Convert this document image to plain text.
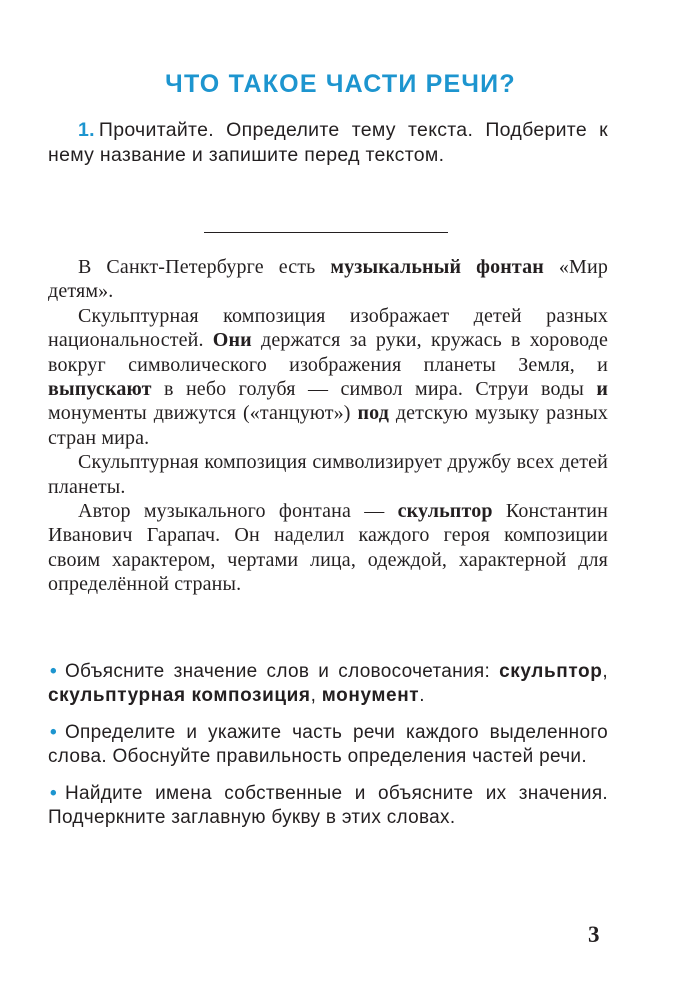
ЧТО ТАКОЕ ЧАСТИ РЕЧИ?
1. Прочитайте. Определите тему текста. Подберите к нему название и запишите перед текстом.

В Санкт-Петербурге есть музыкальный фонтан «Мир детям».

Скульптурная композиция изображает детей разных национальностей. Они держатся за руки, кружась в хороводе вокруг символического изображения планеты Земля, и выпускают в небо голубя — символ мира. Струи воды и монументы движутся («танцуют») под детскую музыку разных стран мира.

Скульптурная композиция символизирует дружбу всех детей планеты.

Автор музыкального фонтана — скульптор Константин Иванович Гарапач. Он наделил каждого героя композиции своим характером, чертами лица, одеждой, характерной для определённой страны.

• Объясните значение слов и словосочетания: скульптор, скульптурная композиция, монумент.
• Определите и укажите часть речи каждого выделенного слова. Обоснуйте правильность определения частей речи.
• Найдите имена собственные и объясните их значения. Подчеркните заглавную букву в этих словах.
3
